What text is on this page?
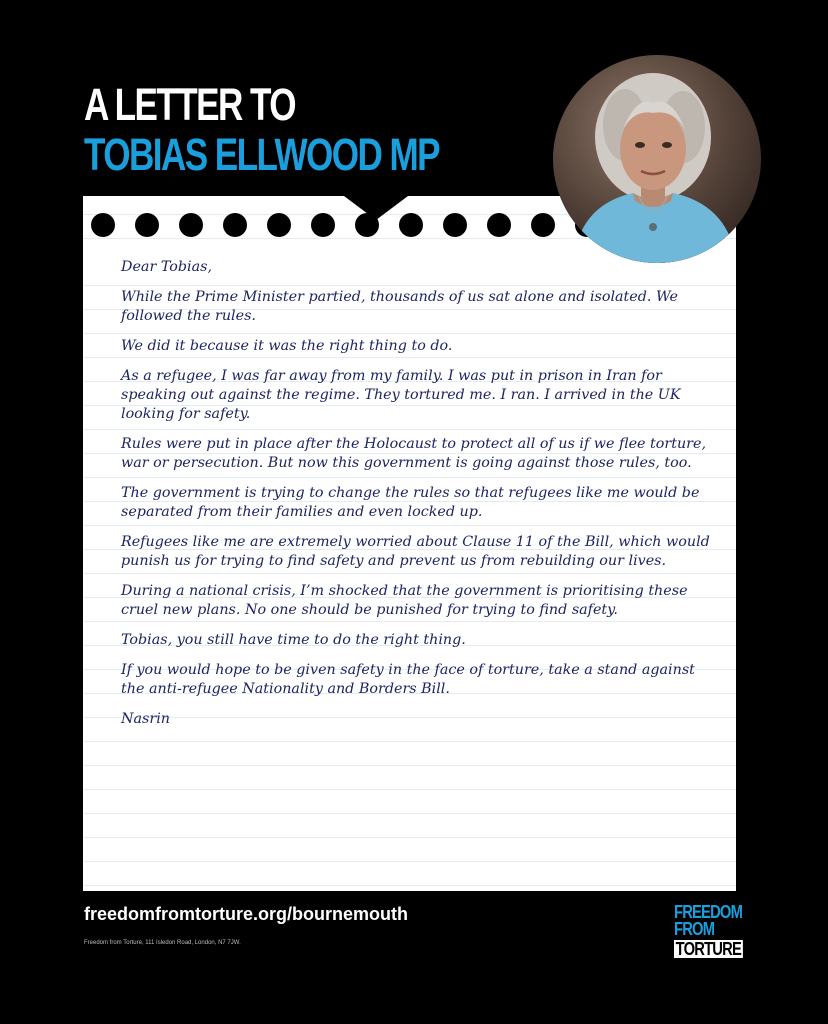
A LETTER TO
TOBIAS ELLWOOD MP

Dear Tobias,

While the Prime Minister partied, thousands of us sat alone and isolated. We followed the rules.

We did it because it was the right thing to do.

As a refugee, I was far away from my family. I was put in prison in Iran for speaking out against the regime. They tortured me. I ran. I arrived in the UK looking for safety.

Rules were put in place after the Holocaust to protect all of us if we flee torture, war or persecution. But now this government is going against those rules, too.

The government is trying to change the rules so that refugees like me would be separated from their families and even locked up.

Refugees like me are extremely worried about Clause 11 of the Bill, which would punish us for trying to find safety and prevent us from rebuilding our lives.

During a national crisis, I’m shocked that the government is prioritising these cruel new plans. No one should be punished for trying to find safety.

Tobias, you still have time to do the right thing.

If you would hope to be given safety in the face of torture, take a stand against the anti-refugee Nationality and Borders Bill.

Nasrin

freedomfromtorture.org/bournemouth
Freedom from Torture, 111 Isledon Road, London, N7 7JW.
FREEDOM
FROM
TORTURE
